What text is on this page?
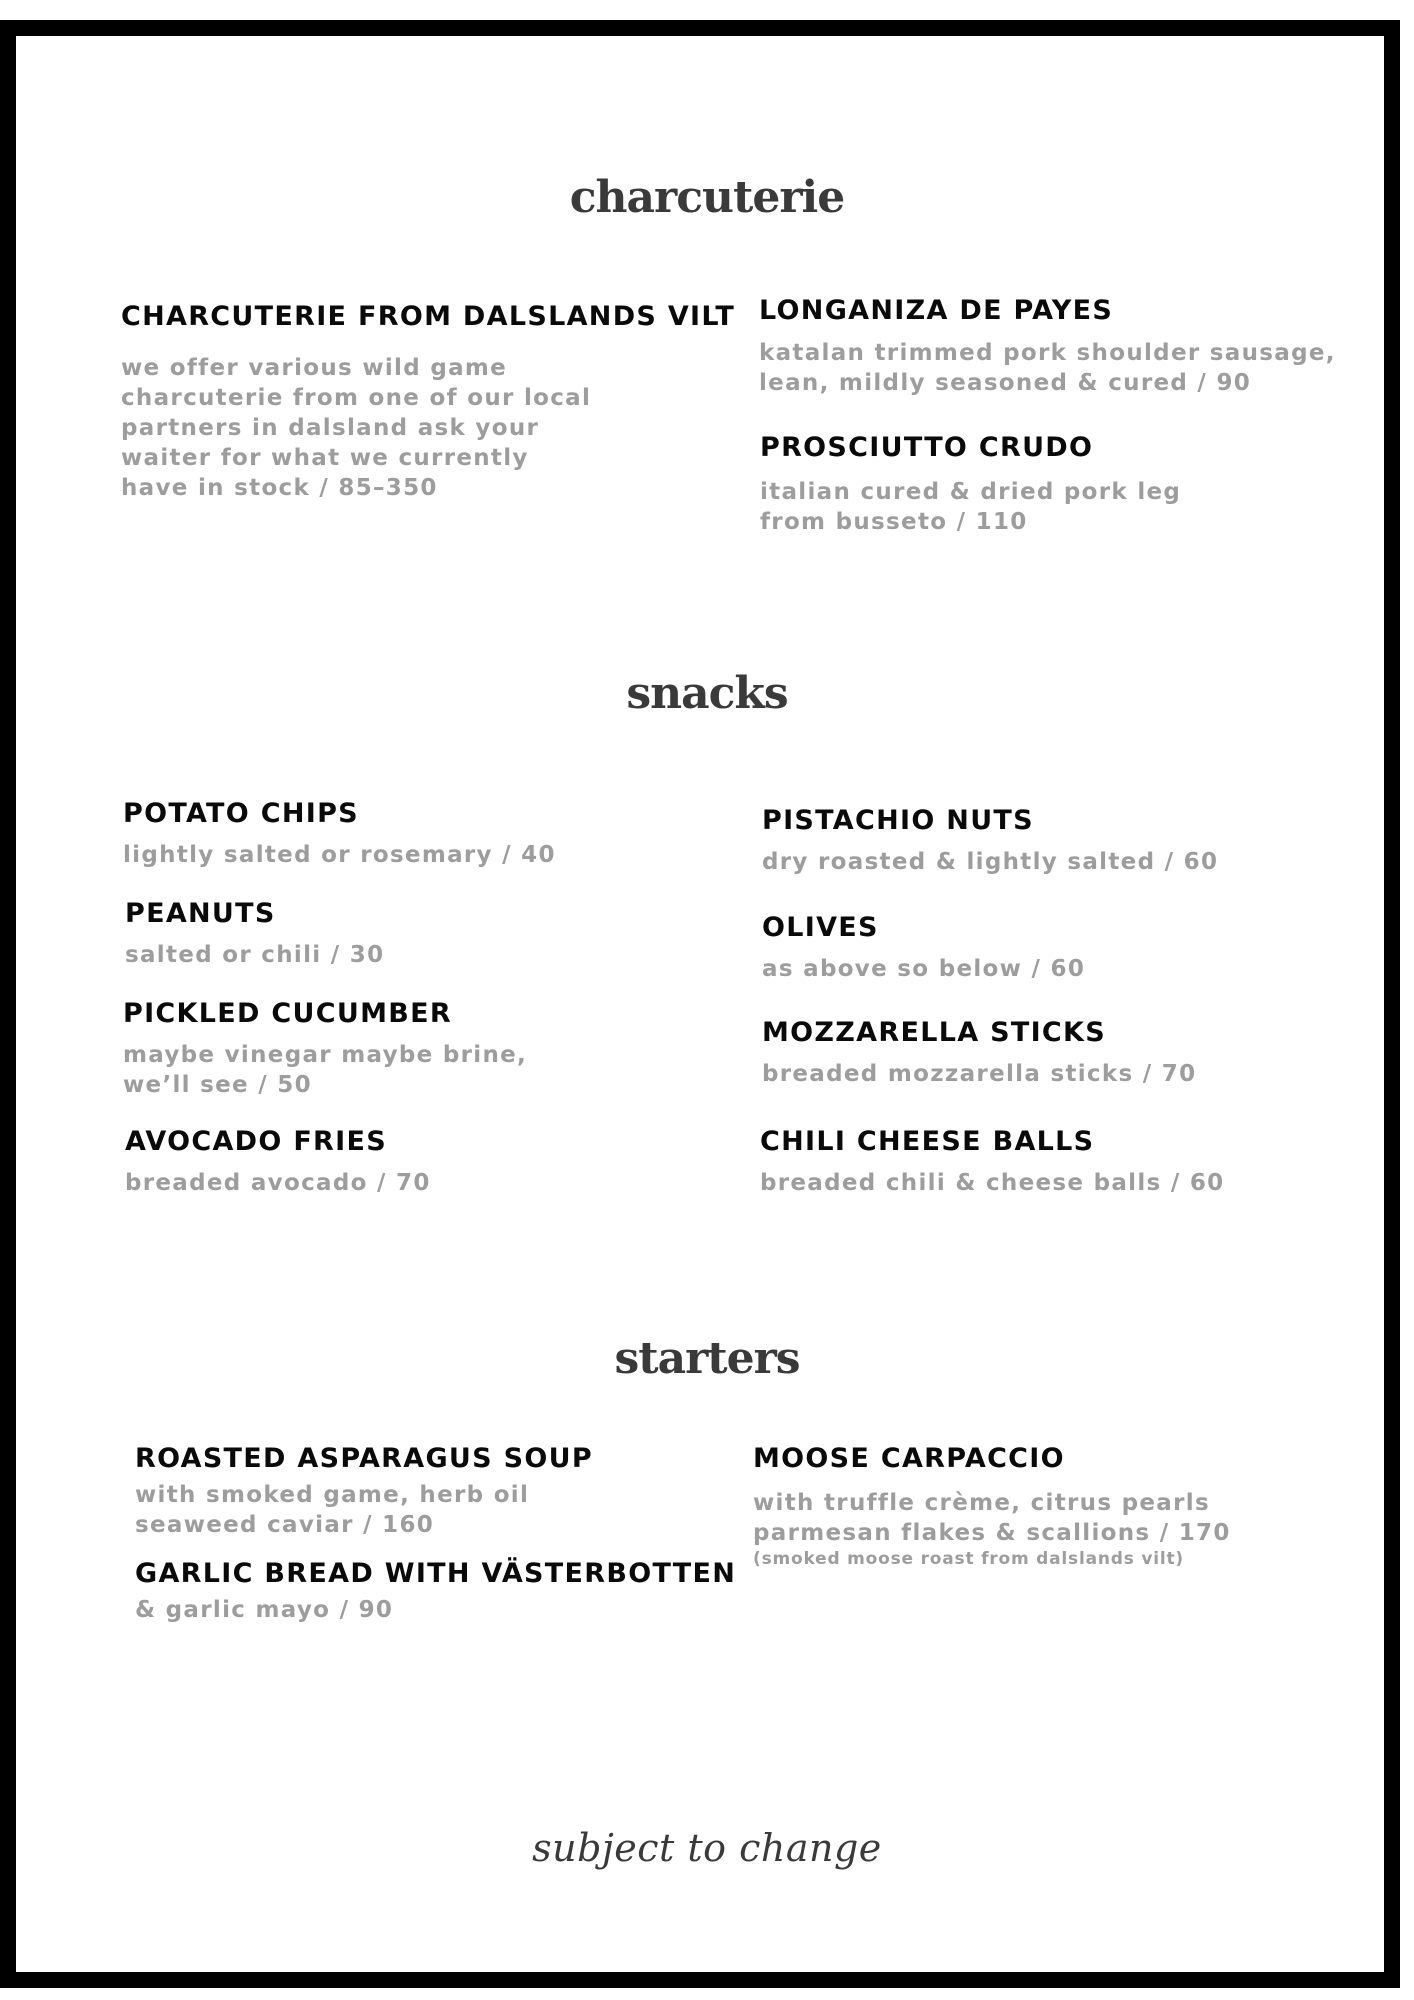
charcuterie
CHARCUTERIE FROM DALSLANDS VILT
we offer various wild game
charcuterie from one of our local
partners in dalsland ask your
waiter for what we currently
have in stock / 85–350
LONGANIZA DE PAYES
katalan trimmed pork shoulder sausage,
lean, mildly seasoned & cured / 90
PROSCIUTTO CRUDO
italian cured & dried pork leg
from busseto / 110
snacks
POTATO CHIPS
lightly salted or rosemary / 40
PEANUTS
salted or chili / 30
PICKLED CUCUMBER
maybe vinegar maybe brine,
we’ll see / 50
AVOCADO FRIES
breaded avocado / 70
PISTACHIO NUTS
dry roasted & lightly salted / 60
OLIVES
as above so below / 60
MOZZARELLA STICKS
breaded mozzarella sticks / 70
CHILI CHEESE BALLS
breaded chili & cheese balls / 60
starters
ROASTED ASPARAGUS SOUP
with smoked game, herb oil
seaweed caviar / 160
GARLIC BREAD WITH VÄSTERBOTTEN
& garlic mayo / 90
MOOSE CARPACCIO
with truffle crème, citrus pearls
parmesan flakes & scallions / 170
(smoked moose roast from dalslands vilt)
subject to change
